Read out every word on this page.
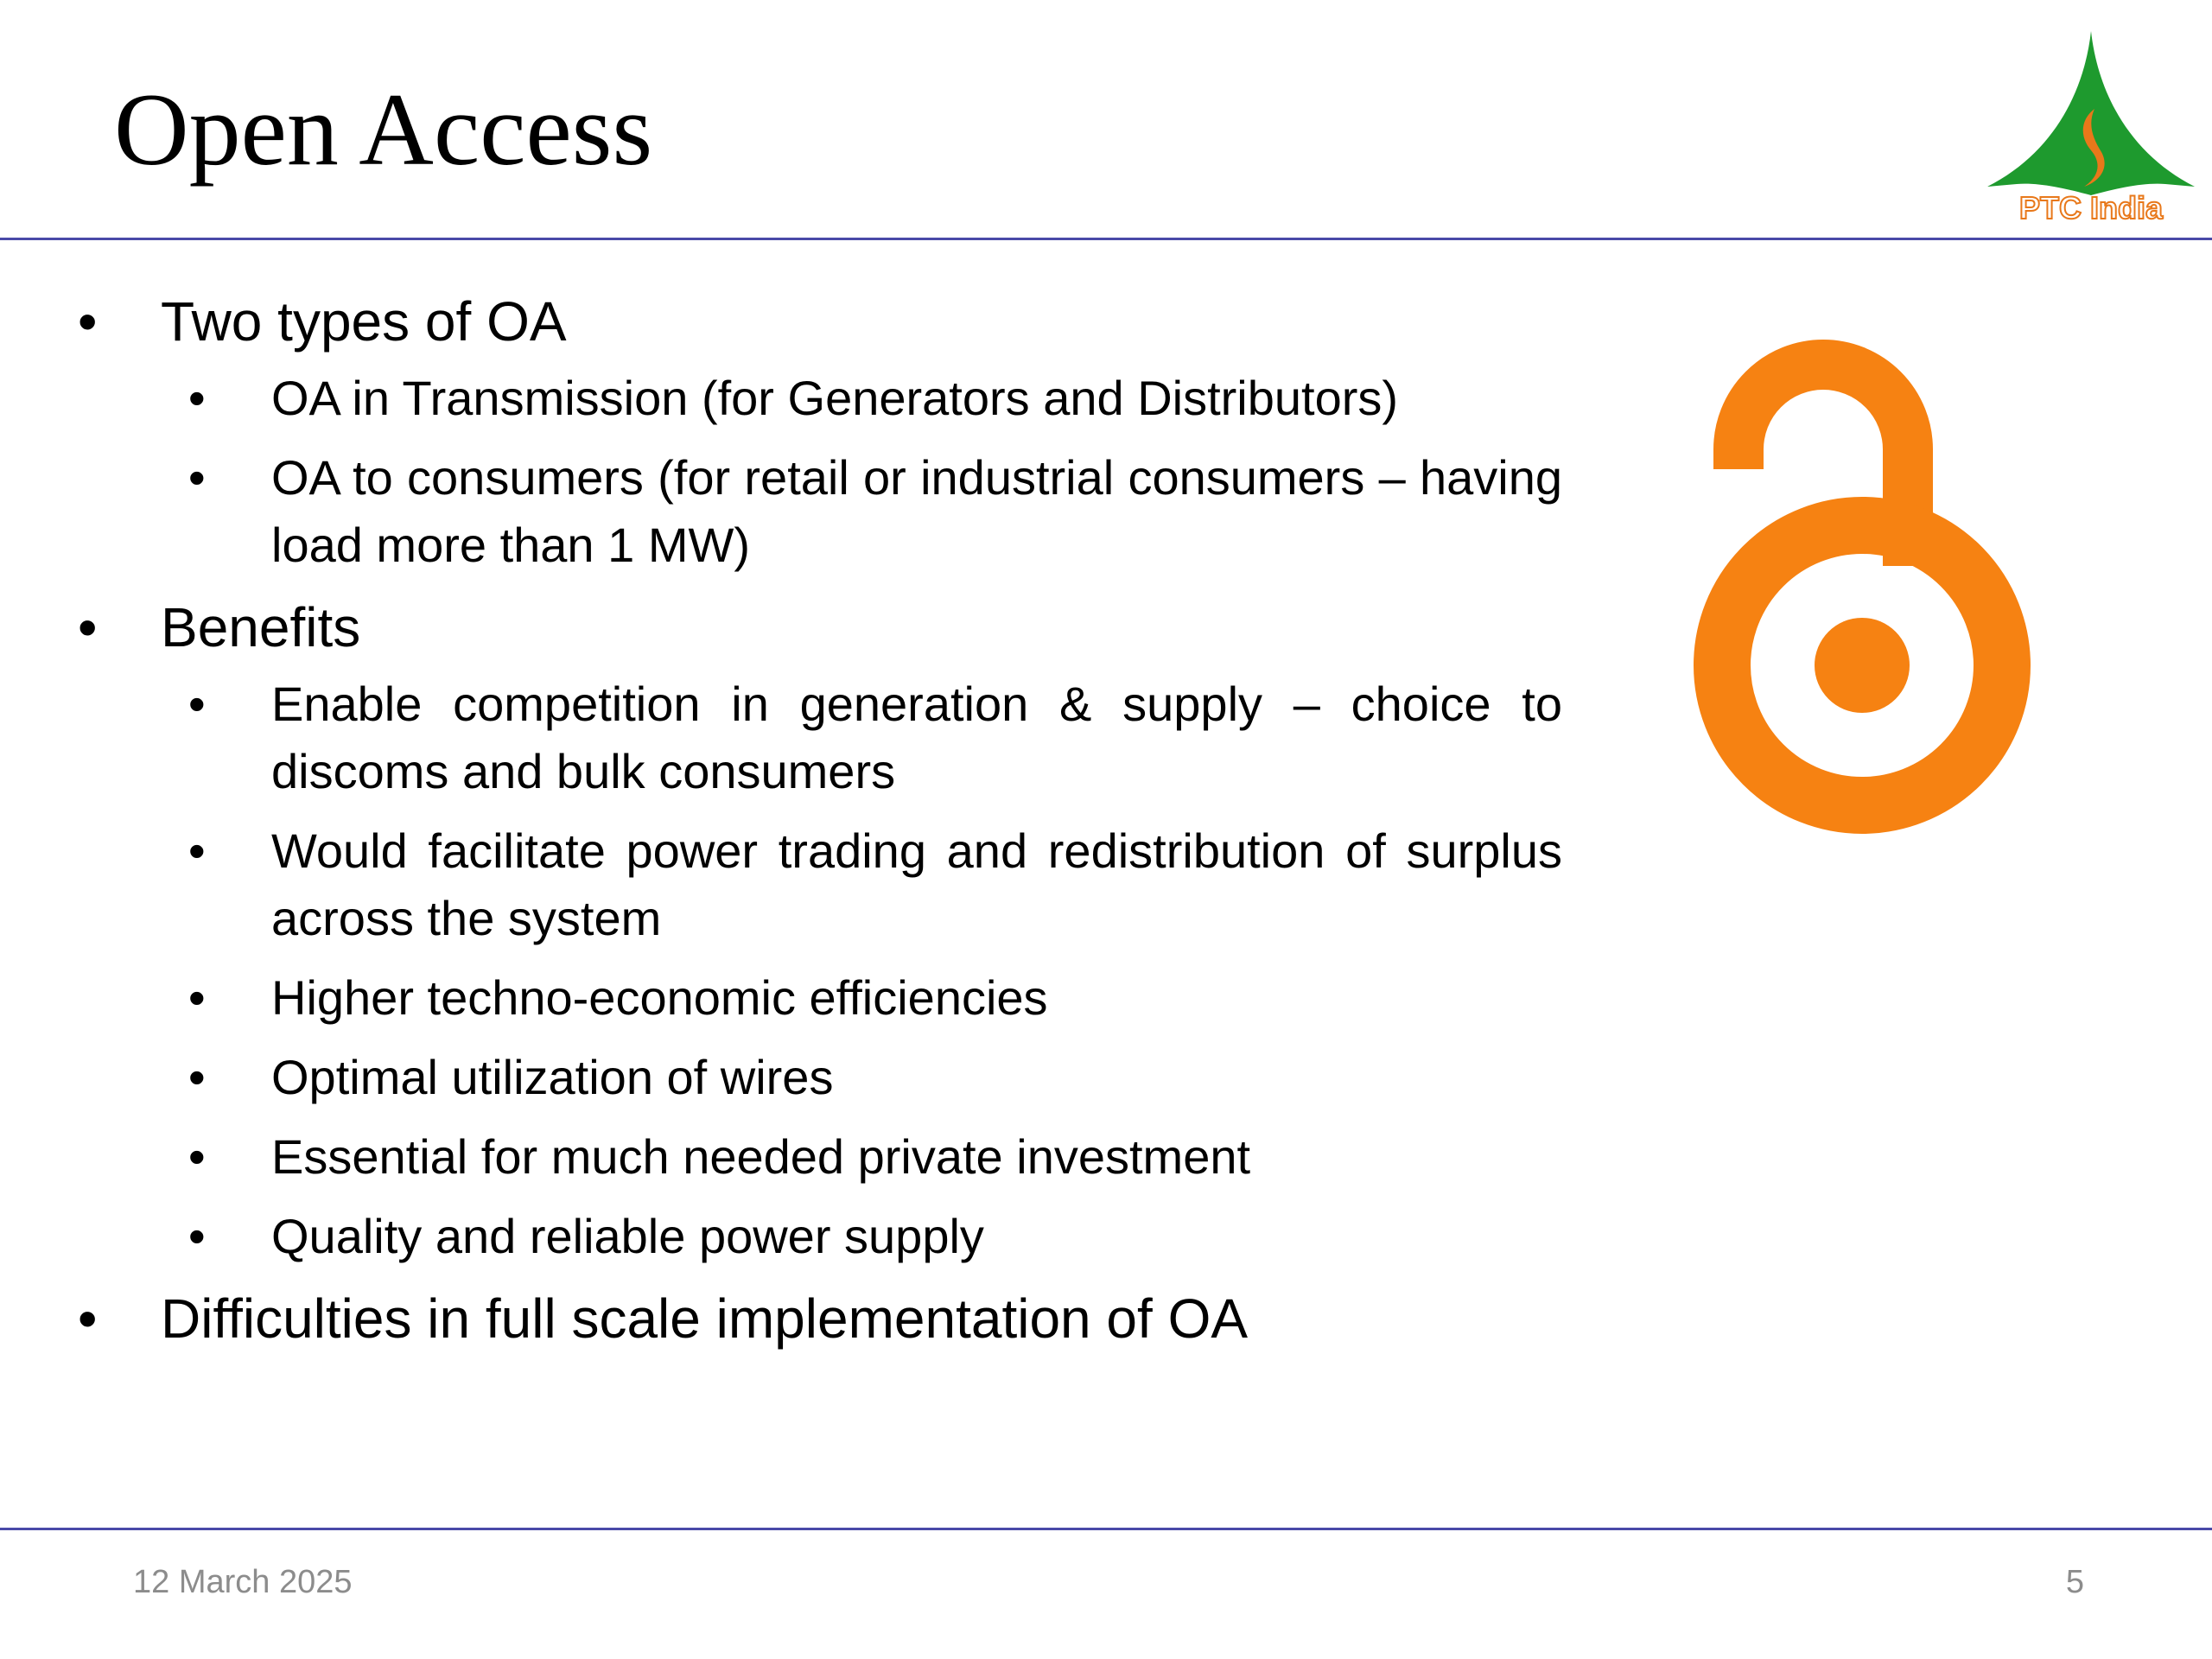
Open Access
PTC India
• Two types of OA
• OA in Transmission (for Generators and Distributors)
• OA to consumers (for retail or industrial consumers – having load more than 1 MW)
• Benefits
• Enable competition in generation & supply – choice to discoms and bulk consumers
• Would facilitate power trading and redistribution of surplus across the system
• Higher techno-economic efficiencies
• Optimal utilization of wires
• Essential for much needed private investment
• Quality and reliable power supply
• Difficulties in full scale implementation of OA
12 March 2025	5
